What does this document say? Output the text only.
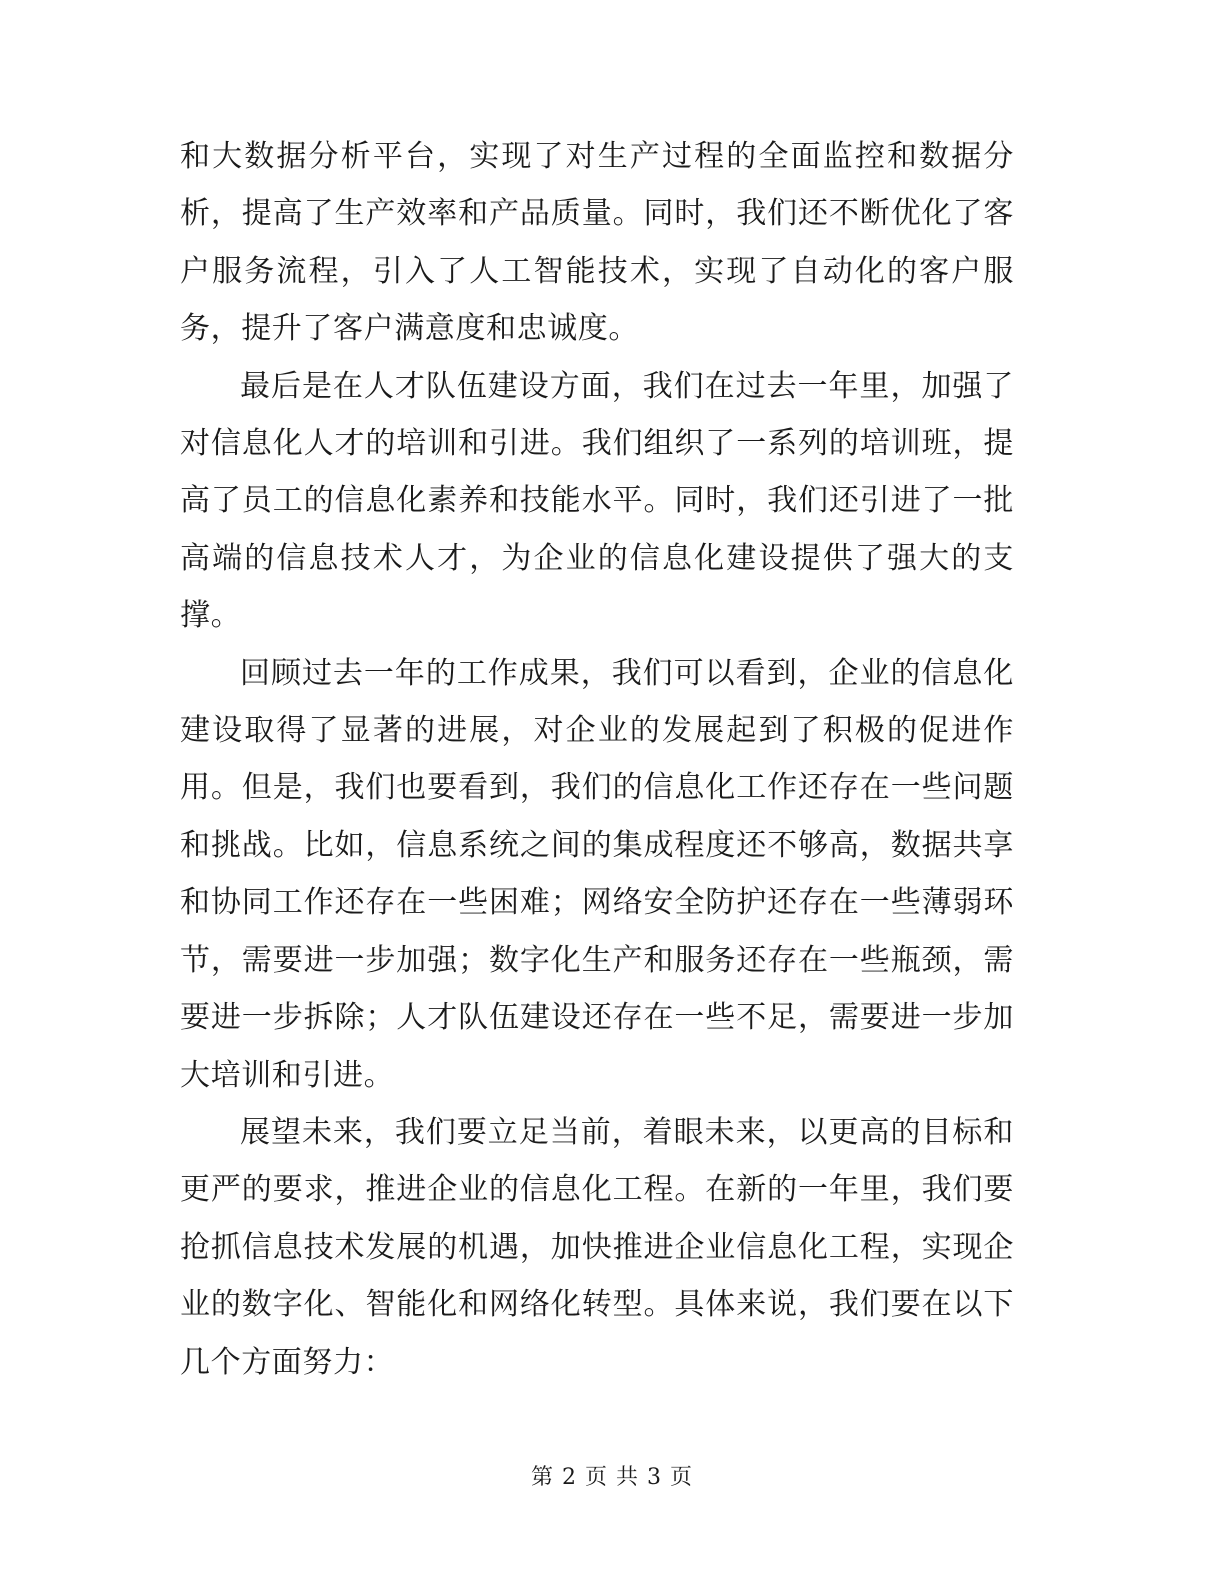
和大数据分析平台，实现了对生产过程的全面监控和数据分析，提高了生产效率和产品质量。同时，我们还不断优化了客户服务流程，引入了人工智能技术，实现了自动化的客户服务，提升了客户满意度和忠诚度。

最后是在人才队伍建设方面，我们在过去一年里，加强了对信息化人才的培训和引进。我们组织了一系列的培训班，提高了员工的信息化素养和技能水平。同时，我们还引进了一批高端的信息技术人才，为企业的信息化建设提供了强大的支撑。

回顾过去一年的工作成果，我们可以看到，企业的信息化建设取得了显著的进展，对企业的发展起到了积极的促进作用。但是，我们也要看到，我们的信息化工作还存在一些问题和挑战。比如，信息系统之间的集成程度还不够高，数据共享和协同工作还存在一些困难；网络安全防护还存在一些薄弱环节，需要进一步加强；数字化生产和服务还存在一些瓶颈，需要进一步拆除；人才队伍建设还存在一些不足，需要进一步加大培训和引进。

展望未来，我们要立足当前，着眼未来，以更高的目标和更严的要求，推进企业的信息化工程。在新的一年里，我们要抢抓信息技术发展的机遇，加快推进企业信息化工程，实现企业的数字化、智能化和网络化转型。具体来说，我们要在以下几个方面努力：

第 2 页 共 3 页
